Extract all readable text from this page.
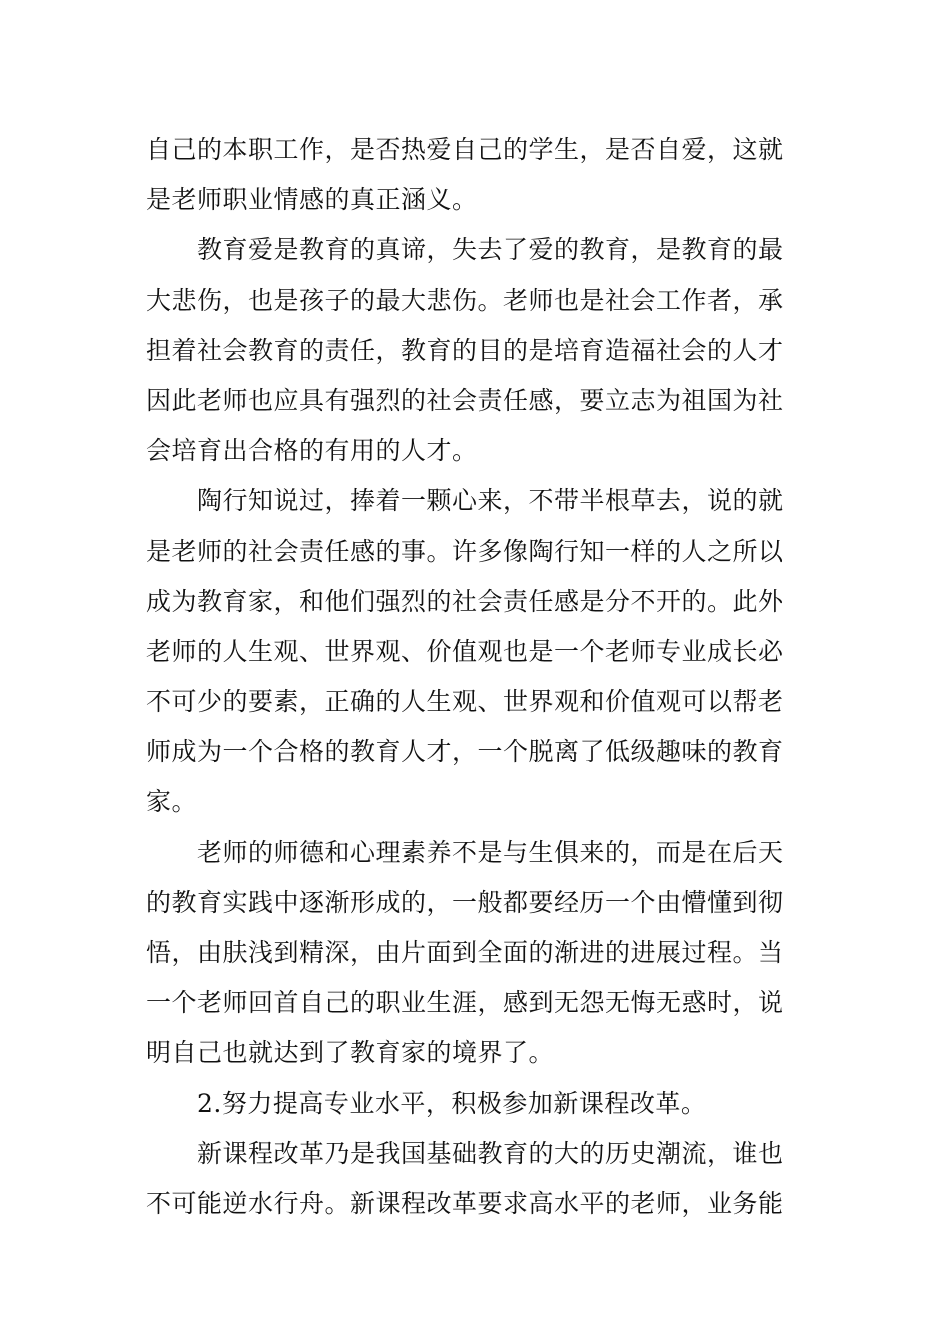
自己的本职工作，是否热爱自己的学生，是否自爱，这就
是老师职业情感的真正涵义。
　　教育爱是教育的真谛，失去了爱的教育，是教育的最
大悲伤，也是孩子的最大悲伤。老师也是社会工作者，承
担着社会教育的责任，教育的目的是培育造福社会的人才
因此老师也应具有强烈的社会责任感，要立志为祖国为社
会培育出合格的有用的人才。
　　陶行知说过，捧着一颗心来，不带半根草去，说的就
是老师的社会责任感的事。许多像陶行知一样的人之所以
成为教育家，和他们强烈的社会责任感是分不开的。此外
老师的人生观、世界观、价值观也是一个老师专业成长必
不可少的要素，正确的人生观、世界观和价值观可以帮老
师成为一个合格的教育人才，一个脱离了低级趣味的教育
家。
　　老师的师德和心理素养不是与生俱来的，而是在后天
的教育实践中逐渐形成的，一般都要经历一个由懵懂到彻
悟，由肤浅到精深，由片面到全面的渐进的进展过程。当
一个老师回首自己的职业生涯，感到无怨无悔无惑时，说
明自己也就达到了教育家的境界了。
　　2.努力提高专业水平，积极参加新课程改革。
　　新课程改革乃是我国基础教育的大的历史潮流，谁也
不可能逆水行舟。新课程改革要求高水平的老师，业务能
